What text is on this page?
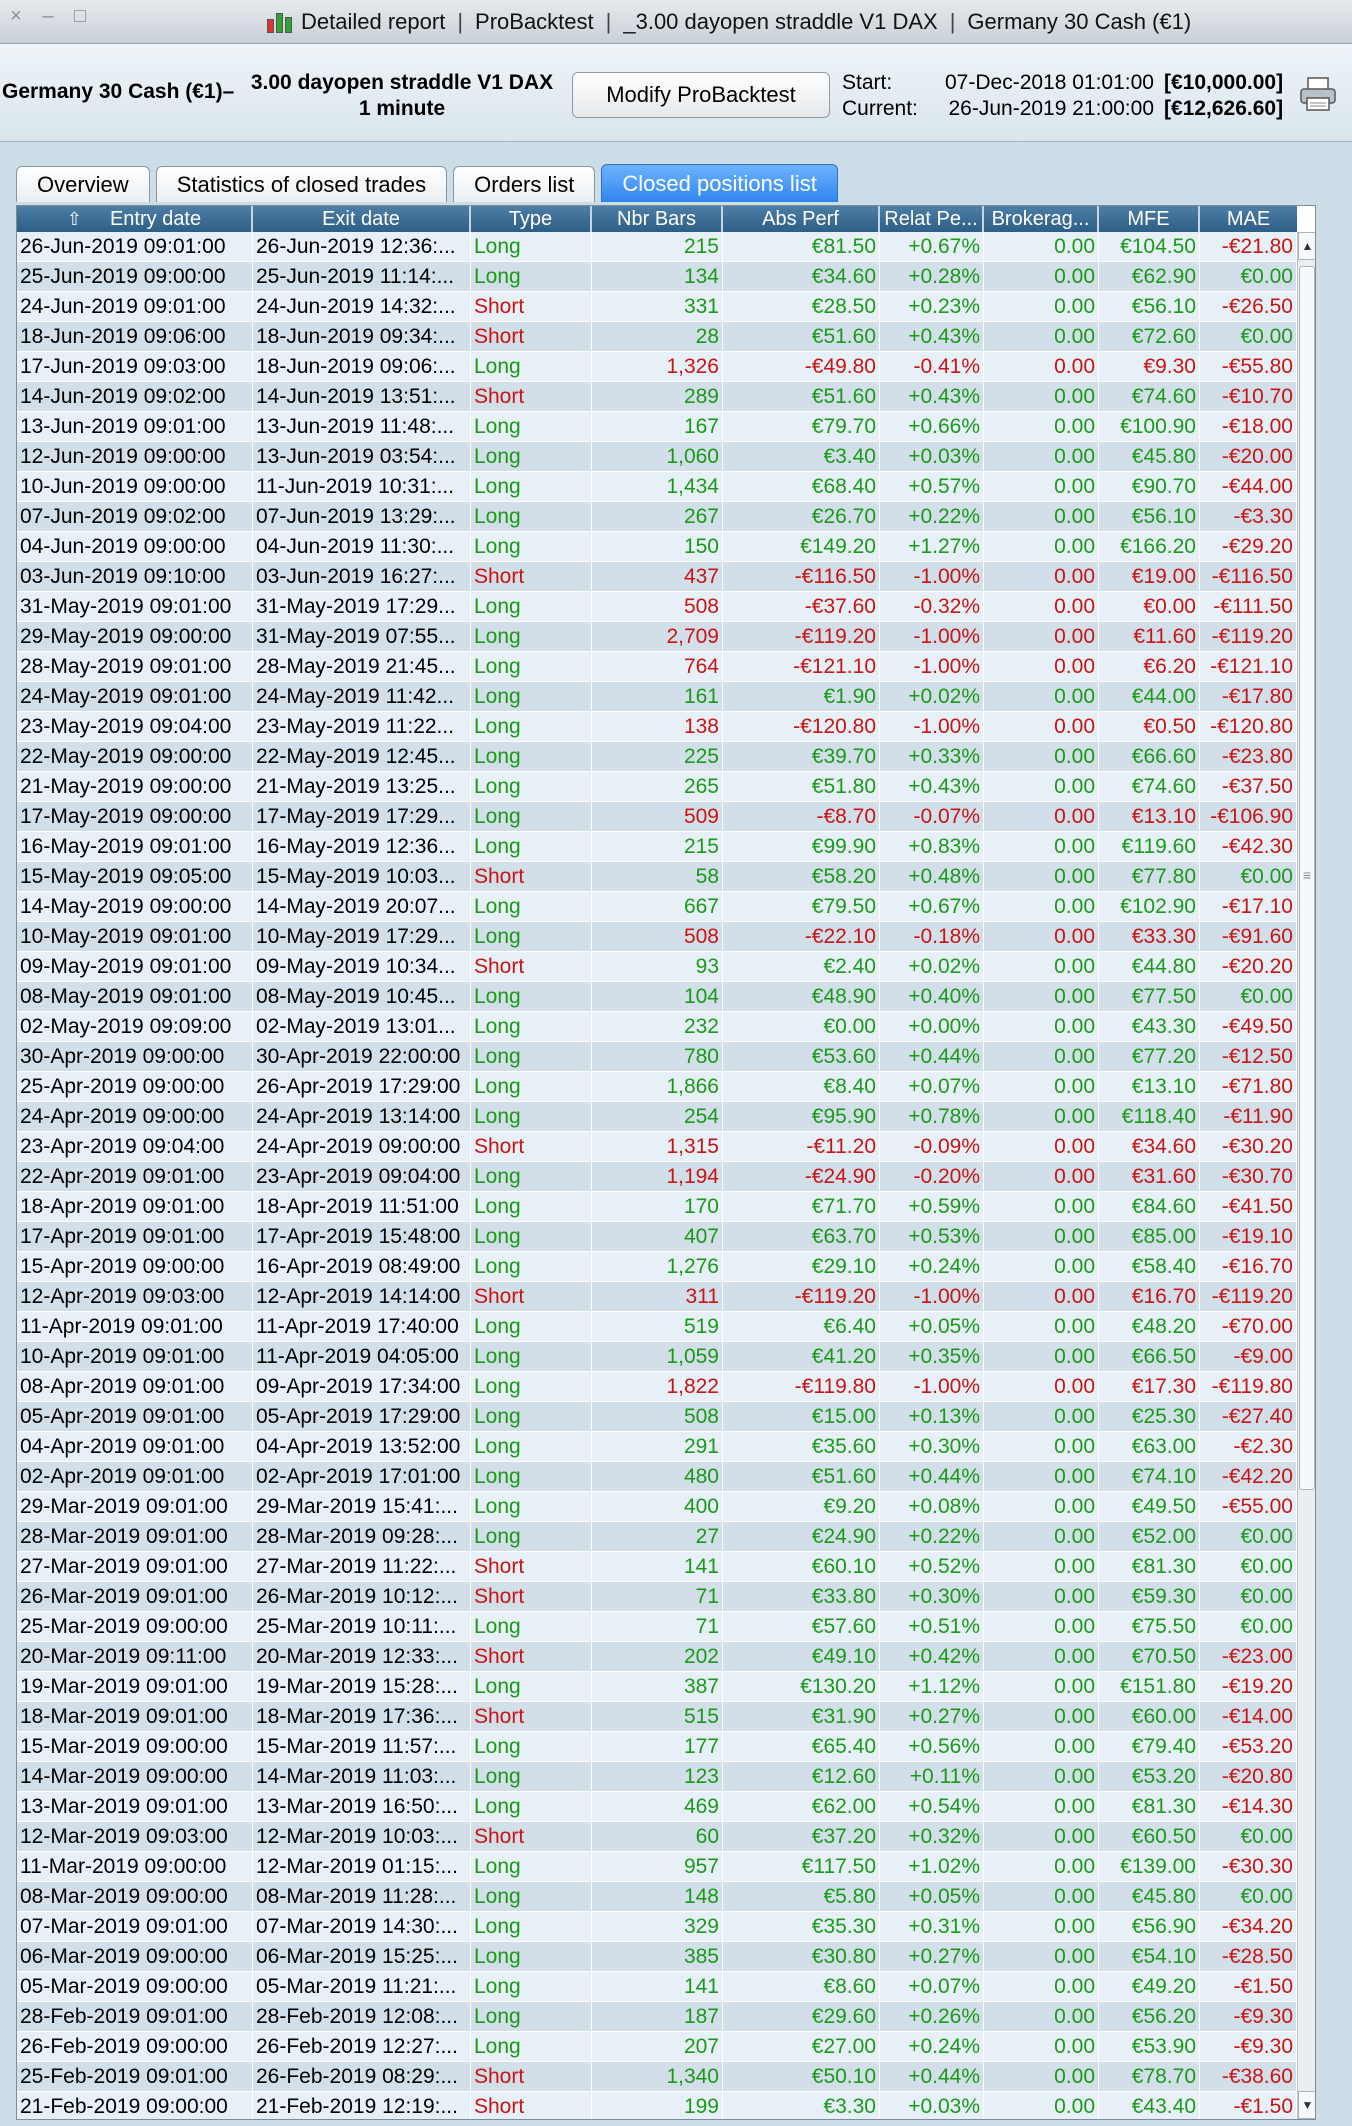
× – □	Detailed report | ProBacktest | _3.00 dayopen straddle V1 DAX | Germany 30 Cash (€1)
Germany 30 Cash (€1)– 3.00 dayopen straddle V1 DAX
1 minute
Modify ProBacktest	Start:	07-Dec-2018 01:01:00 [€10,000.00]
Current:	26-Jun-2019 21:00:00 [€12,626.60]
Overview	Statistics of closed trades	Orders list	Closed positions list
⇧ Entry date	Exit date	Type	Nbr Bars	Abs Perf	Relat Pe... Brokerag...	MFE	MAE
26-Jun-2019 09:01:00	26-Jun-2019 12:36:... Long	215	€81.50	+0.67%	0.00	€104.50	-€21.80
25-Jun-2019 09:00:00	25-Jun-2019 11:14:... Long	134	€34.60	+0.28%	0.00	€62.90	€0.00
24-Jun-2019 09:01:00	24-Jun-2019 14:32:... Short	331	€28.50	+0.23%	0.00	€56.10	-€26.50
18-Jun-2019 09:06:00	18-Jun-2019 09:34:... Short	28	€51.60	+0.43%	0.00	€72.60	€0.00
17-Jun-2019 09:03:00	18-Jun-2019 09:06:... Long	1,326	-€49.80	-0.41%	0.00	€9.30	-€55.80
14-Jun-2019 09:02:00	14-Jun-2019 13:51:... Short	289	€51.60	+0.43%	0.00	€74.60	-€10.70
13-Jun-2019 09:01:00	13-Jun-2019 11:48:... Long	167	€79.70	+0.66%	0.00	€100.90	-€18.00
12-Jun-2019 09:00:00	13-Jun-2019 03:54:... Long	1,060	€3.40	+0.03%	0.00	€45.80	-€20.00
10-Jun-2019 09:00:00	11-Jun-2019 10:31:... Long	1,434	€68.40	+0.57%	0.00	€90.70	-€44.00
07-Jun-2019 09:02:00	07-Jun-2019 13:29:... Long	267	€26.70	+0.22%	0.00	€56.10	-€3.30
04-Jun-2019 09:00:00	04-Jun-2019 11:30:... Long	150	€149.20	+1.27%	0.00	€166.20	-€29.20
03-Jun-2019 09:10:00	03-Jun-2019 16:27:... Short	437	-€116.50	-1.00%	0.00	€19.00 -€116.50
31-May-2019 09:01:00	31-May-2019 17:29... Long	508	-€37.60	-0.32%	0.00	€0.00 -€111.50
29-May-2019 09:00:00	31-May-2019 07:55... Long	2,709	-€119.20	-1.00%	0.00	€11.60 -€119.20
28-May-2019 09:01:00	28-May-2019 21:45... Long	764	-€121.10	-1.00%	0.00	€6.20 -€121.10
24-May-2019 09:01:00	24-May-2019 11:42... Long	161	€1.90	+0.02%	0.00	€44.00	-€17.80
23-May-2019 09:04:00	23-May-2019 11:22... Long	138	-€120.80	-1.00%	0.00	€0.50 -€120.80
22-May-2019 09:00:00	22-May-2019 12:45... Long	225	€39.70	+0.33%	0.00	€66.60	-€23.80
21-May-2019 09:00:00	21-May-2019 13:25... Long	265	€51.80	+0.43%	0.00	€74.60	-€37.50
17-May-2019 09:00:00	17-May-2019 17:29... Long	509	-€8.70	-0.07%	0.00	€13.10 -€106.90
16-May-2019 09:01:00	16-May-2019 12:36... Long	215	€99.90	+0.83%	0.00	€119.60	-€42.30
15-May-2019 09:05:00	15-May-2019 10:03... Short	58	€58.20	+0.48%	0.00	€77.80	€0.00
14-May-2019 09:00:00	14-May-2019 20:07... Long	667	€79.50	+0.67%	0.00	€102.90	-€17.10
10-May-2019 09:01:00	10-May-2019 17:29... Long	508	-€22.10	-0.18%	0.00	€33.30	-€91.60
09-May-2019 09:01:00	09-May-2019 10:34... Short	93	€2.40	+0.02%	0.00	€44.80	-€20.20
08-May-2019 09:01:00	08-May-2019 10:45... Long	104	€48.90	+0.40%	0.00	€77.50	€0.00
02-May-2019 09:09:00	02-May-2019 13:01... Long	232	€0.00	+0.00%	0.00	€43.30	-€49.50
30-Apr-2019 09:00:00	30-Apr-2019 22:00:00 Long	780	€53.60	+0.44%	0.00	€77.20	-€12.50
25-Apr-2019 09:00:00	26-Apr-2019 17:29:00 Long	1,866	€8.40	+0.07%	0.00	€13.10	-€71.80
24-Apr-2019 09:00:00	24-Apr-2019 13:14:00 Long	254	€95.90	+0.78%	0.00	€118.40	-€11.90
23-Apr-2019 09:04:00	24-Apr-2019 09:00:00 Short	1,315	-€11.20	-0.09%	0.00	€34.60	-€30.20
22-Apr-2019 09:01:00	23-Apr-2019 09:04:00 Long	1,194	-€24.90	-0.20%	0.00	€31.60	-€30.70
18-Apr-2019 09:01:00	18-Apr-2019 11:51:00 Long	170	€71.70	+0.59%	0.00	€84.60	-€41.50
17-Apr-2019 09:01:00	17-Apr-2019 15:48:00 Long	407	€63.70	+0.53%	0.00	€85.00	-€19.10
15-Apr-2019 09:00:00	16-Apr-2019 08:49:00 Long	1,276	€29.10	+0.24%	0.00	€58.40	-€16.70
12-Apr-2019 09:03:00	12-Apr-2019 14:14:00 Short	311	-€119.20	-1.00%	0.00	€16.70 -€119.20
11-Apr-2019 09:01:00	11-Apr-2019 17:40:00 Long	519	€6.40	+0.05%	0.00	€48.20	-€70.00
10-Apr-2019 09:01:00	11-Apr-2019 04:05:00 Long	1,059	€41.20	+0.35%	0.00	€66.50	-€9.00
08-Apr-2019 09:01:00	09-Apr-2019 17:34:00 Long	1,822	-€119.80	-1.00%	0.00	€17.30 -€119.80
05-Apr-2019 09:01:00	05-Apr-2019 17:29:00 Long	508	€15.00	+0.13%	0.00	€25.30	-€27.40
04-Apr-2019 09:01:00	04-Apr-2019 13:52:00 Long	291	€35.60	+0.30%	0.00	€63.00	-€2.30
02-Apr-2019 09:01:00	02-Apr-2019 17:01:00 Long	480	€51.60	+0.44%	0.00	€74.10	-€42.20
29-Mar-2019 09:01:00	29-Mar-2019 15:41:... Long	400	€9.20	+0.08%	0.00	€49.50	-€55.00
28-Mar-2019 09:01:00	28-Mar-2019 09:28:... Long	27	€24.90	+0.22%	0.00	€52.00	€0.00
27-Mar-2019 09:01:00	27-Mar-2019 11:22:... Short	141	€60.10	+0.52%	0.00	€81.30	€0.00
26-Mar-2019 09:01:00	26-Mar-2019 10:12:... Short	71	€33.80	+0.30%	0.00	€59.30	€0.00
25-Mar-2019 09:00:00	25-Mar-2019 10:11:... Long	71	€57.60	+0.51%	0.00	€75.50	€0.00
20-Mar-2019 09:11:00	20-Mar-2019 12:33:... Short	202	€49.10	+0.42%	0.00	€70.50	-€23.00
19-Mar-2019 09:01:00	19-Mar-2019 15:28:... Long	387	€130.20	+1.12%	0.00	€151.80	-€19.20
18-Mar-2019 09:01:00	18-Mar-2019 17:36:... Short	515	€31.90	+0.27%	0.00	€60.00	-€14.00
15-Mar-2019 09:00:00	15-Mar-2019 11:57:... Long	177	€65.40	+0.56%	0.00	€79.40	-€53.20
14-Mar-2019 09:00:00	14-Mar-2019 11:03:... Long	123	€12.60	+0.11%	0.00	€53.20	-€20.80
13-Mar-2019 09:01:00	13-Mar-2019 16:50:... Long	469	€62.00	+0.54%	0.00	€81.30	-€14.30
12-Mar-2019 09:03:00	12-Mar-2019 10:03:... Short	60	€37.20	+0.32%	0.00	€60.50	€0.00
11-Mar-2019 09:00:00	12-Mar-2019 01:15:... Long	957	€117.50	+1.02%	0.00	€139.00	-€30.30
08-Mar-2019 09:00:00	08-Mar-2019 11:28:... Long	148	€5.80	+0.05%	0.00	€45.80	€0.00
07-Mar-2019 09:01:00	07-Mar-2019 14:30:... Long	329	€35.30	+0.31%	0.00	€56.90	-€34.20
06-Mar-2019 09:00:00	06-Mar-2019 15:25:... Long	385	€30.80	+0.27%	0.00	€54.10	-€28.50
05-Mar-2019 09:00:00	05-Mar-2019 11:21:... Long	141	€8.60	+0.07%	0.00	€49.20	-€1.50
28-Feb-2019 09:01:00	28-Feb-2019 12:08:... Long	187	€29.60	+0.26%	0.00	€56.20	-€9.30
26-Feb-2019 09:00:00	26-Feb-2019 12:27:... Long	207	€27.00	+0.24%	0.00	€53.90	-€9.30
25-Feb-2019 09:01:00	26-Feb-2019 08:29:... Short	1,340	€50.10	+0.44%	0.00	€78.70	-€38.60
21-Feb-2019 09:00:00	21-Feb-2019 12:19:... Short	199	€3.30	+0.03%	0.00	€43.40	-€1.50
▲
≡
▼
